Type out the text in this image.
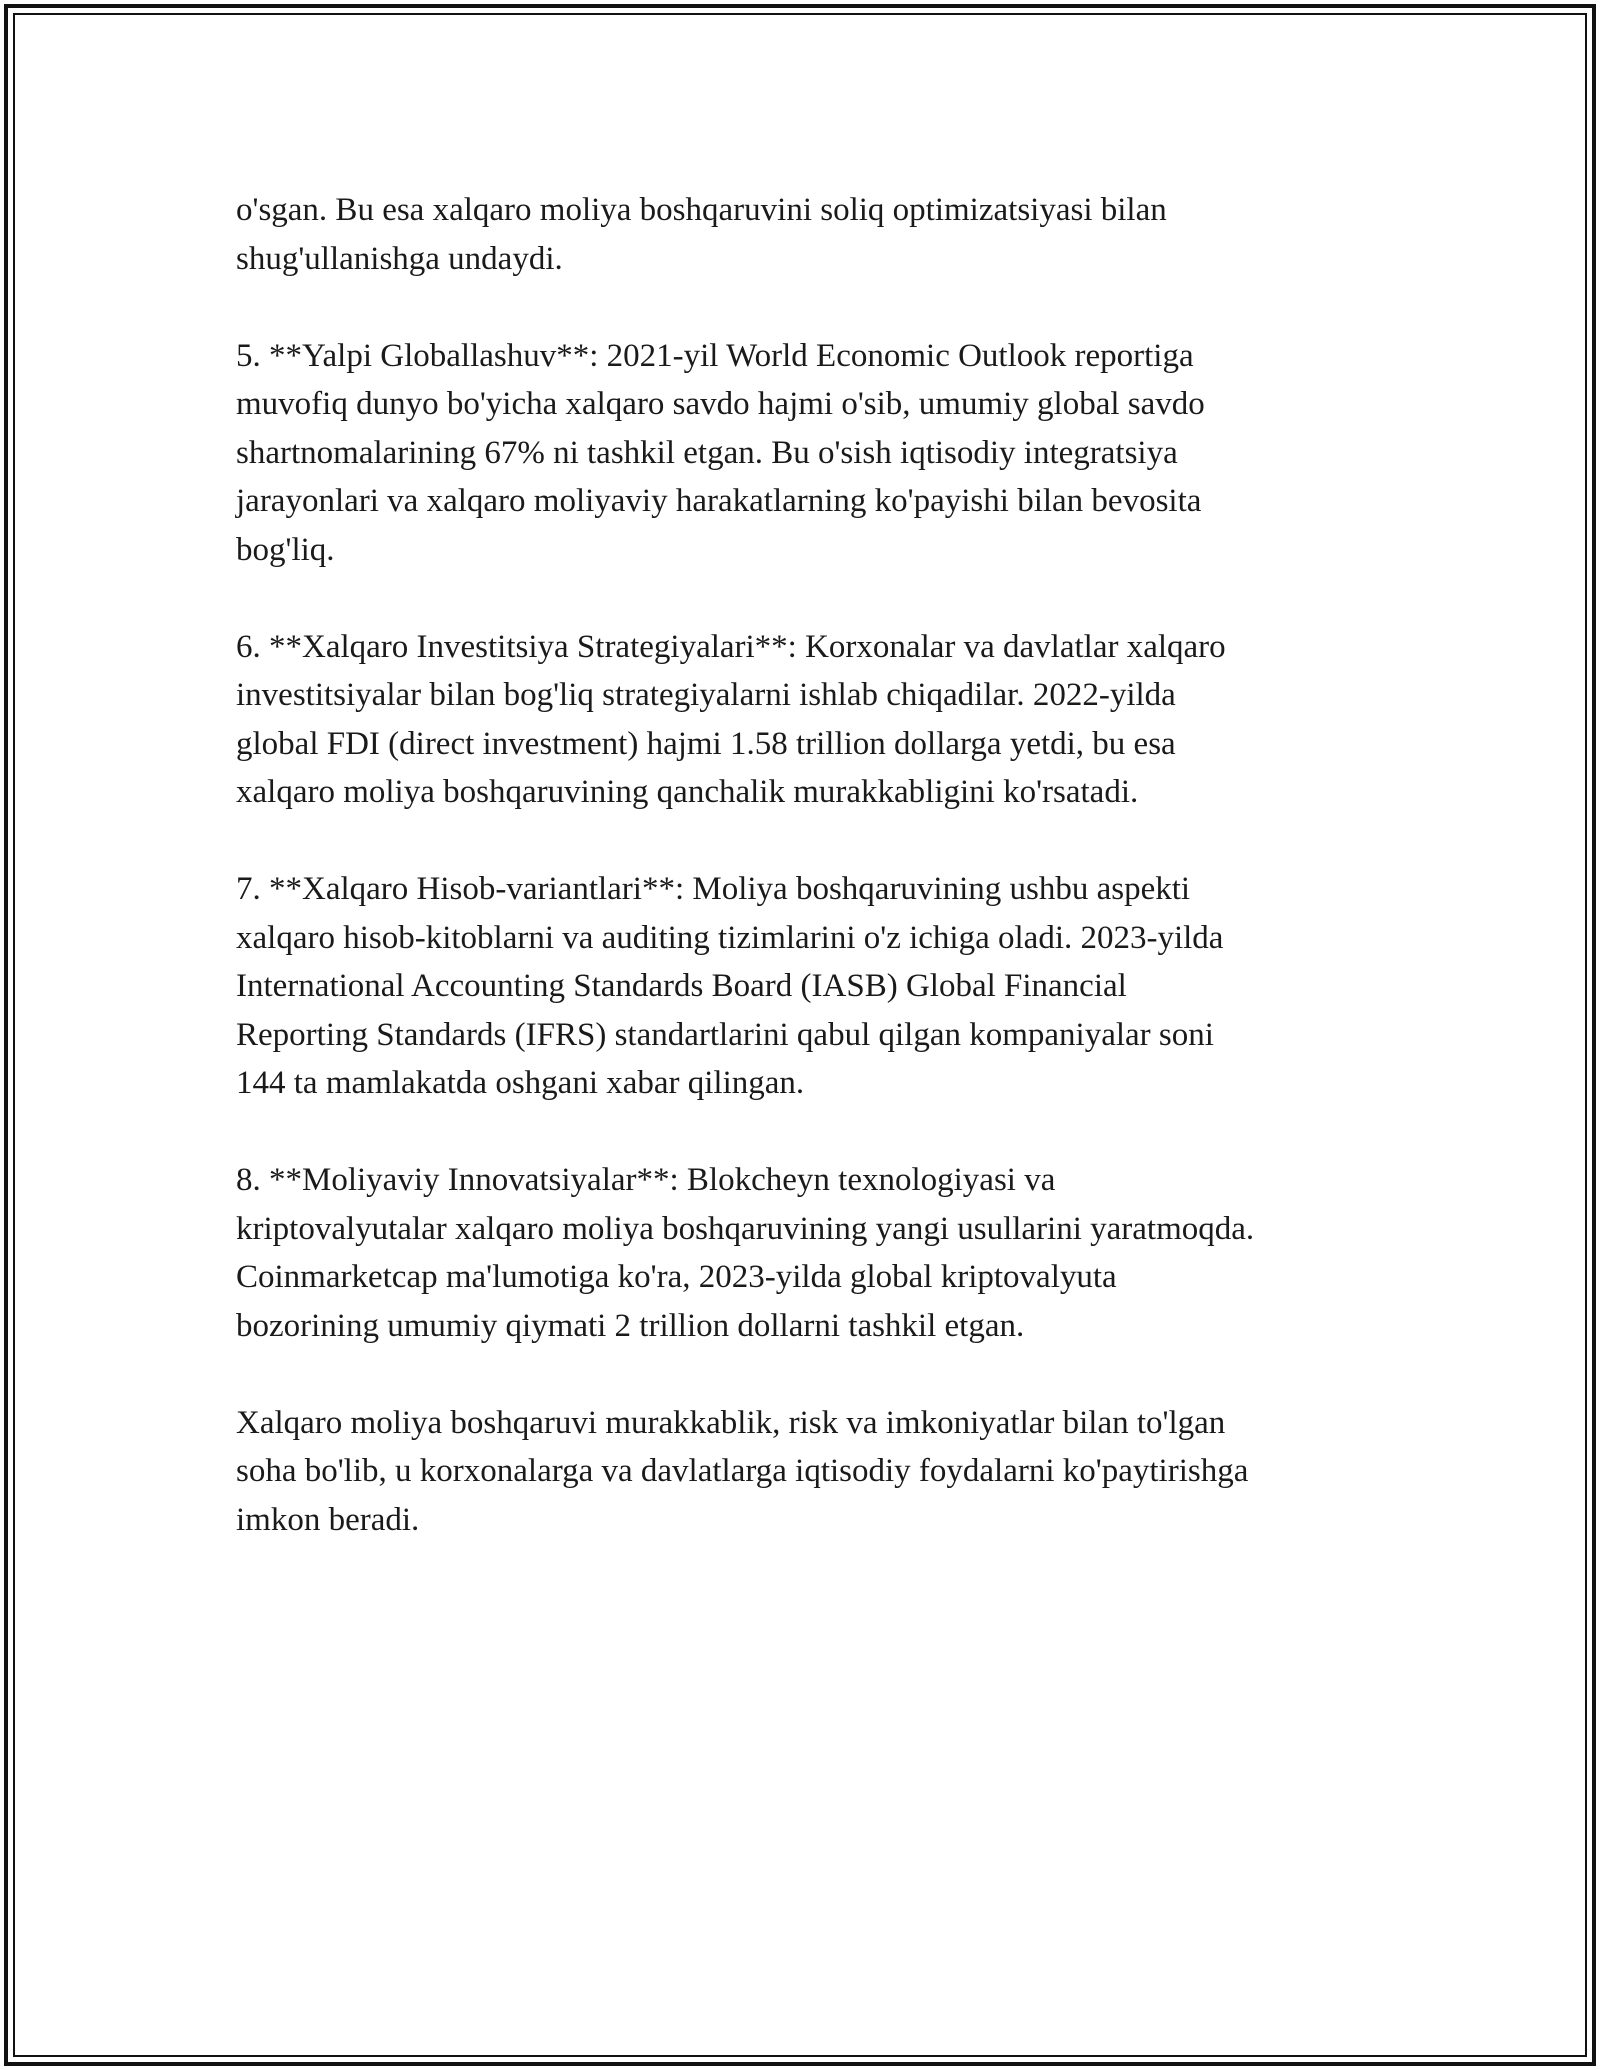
o'sgan. Bu esa xalqaro moliya boshqaruvini soliq optimizatsiyasi bilan
shug'ullanishga undaydi.

5. **Yalpi Globallashuv**: 2021-yil World Economic Outlook reportiga
muvofiq dunyo bo'yicha xalqaro savdo hajmi o'sib, umumiy global savdo
shartnomalarining 67% ni tashkil etgan. Bu o'sish iqtisodiy integratsiya
jarayonlari va xalqaro moliyaviy harakatlarning ko'payishi bilan bevosita
bog'liq.

6. **Xalqaro Investitsiya Strategiyalari**: Korxonalar va davlatlar xalqaro
investitsiyalar bilan bog'liq strategiyalarni ishlab chiqadilar. 2022-yilda
global FDI (direct investment) hajmi 1.58 trillion dollarga yetdi, bu esa
xalqaro moliya boshqaruvining qanchalik murakkabligini ko'rsatadi.

7. **Xalqaro Hisob-variantlari**: Moliya boshqaruvining ushbu aspekti
xalqaro hisob-kitoblarni va auditing tizimlarini o'z ichiga oladi. 2023-yilda
International Accounting Standards Board (IASB) Global Financial
Reporting Standards (IFRS) standartlarini qabul qilgan kompaniyalar soni
144 ta mamlakatda oshgani xabar qilingan.

8. **Moliyaviy Innovatsiyalar**: Blokcheyn texnologiyasi va
kriptovalyutalar xalqaro moliya boshqaruvining yangi usullarini yaratmoqda.
Coinmarketcap ma'lumotiga ko'ra, 2023-yilda global kriptovalyuta
bozorining umumiy qiymati 2 trillion dollarni tashkil etgan.

Xalqaro moliya boshqaruvi murakkablik, risk va imkoniyatlar bilan to'lgan
soha bo'lib, u korxonalarga va davlatlarga iqtisodiy foydalarni ko'paytirishga
imkon beradi.
